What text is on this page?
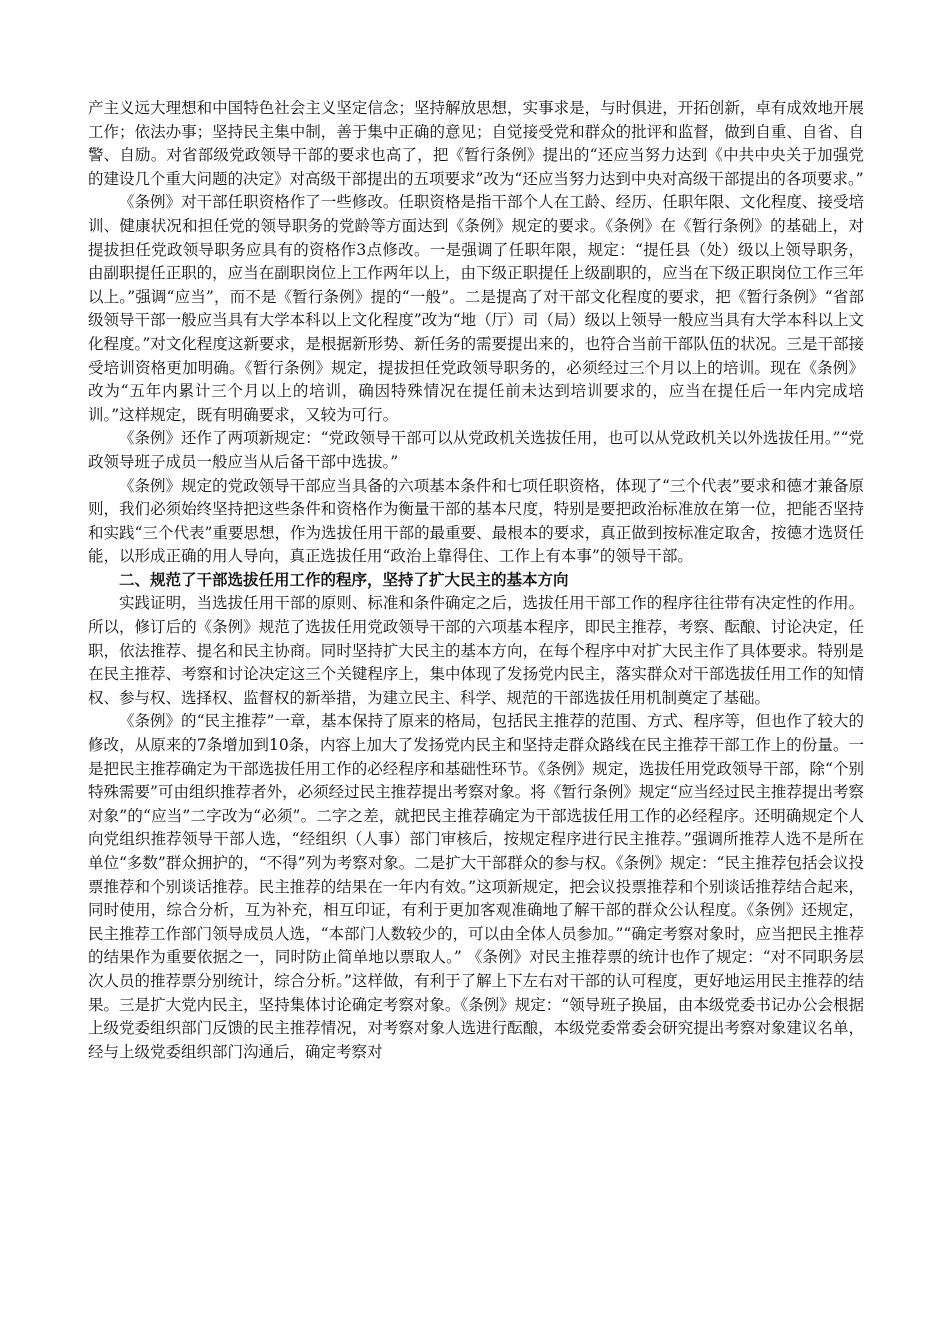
产主义远大理想和中国特色社会主义坚定信念；坚持解放思想，实事求是，与时俱进，开拓创新，卓有成效地开展工作；依法办事；坚持民主集中制，善于集中正确的意见；自觉接受党和群众的批评和监督，做到自重、自省、自警、自励。对省部级党政领导干部的要求也高了，把《暂行条例》提出的“还应当努力达到《中共中央关于加强党的建设几个重大问题的决定》对高级干部提出的五项要求”改为“还应当努力达到中央对高级干部提出的各项要求。”

《条例》对干部任职资格作了一些修改。任职资格是指干部个人在工龄、经历、任职年限、文化程度、接受培训、健康状况和担任党的领导职务的党龄等方面达到《条例》规定的要求。《条例》在《暂行条例》的基础上，对提拔担任党政领导职务应具有的资格作3点修改。一是强调了任职年限，规定：“提任县（处）级以上领导职务，由副职提任正职的，应当在副职岗位上工作两年以上，由下级正职提任上级副职的，应当在下级正职岗位工作三年以上。”强调“应当”，而不是《暂行条例》提的“一般”。二是提高了对干部文化程度的要求，把《暂行条例》“省部级领导干部一般应当具有大学本科以上文化程度”改为“地（厅）司（局）级以上领导一般应当具有大学本科以上文化程度。”对文化程度这新要求，是根据新形势、新任务的需要提出来的，也符合当前干部队伍的状况。三是干部接受培训资格更加明确。《暂行条例》规定，提拔担任党政领导职务的，必须经过三个月以上的培训。现在《条例》改为“五年内累计三个月以上的培训，确因特殊情况在提任前未达到培训要求的，应当在提任后一年内完成培训。”这样规定，既有明确要求，又较为可行。

《条例》还作了两项新规定：“党政领导干部可以从党政机关选拔任用，也可以从党政机关以外选拔任用。”“党政领导班子成员一般应当从后备干部中选拔。”

《条例》规定的党政领导干部应当具备的六项基本条件和七项任职资格，体现了“三个代表”要求和德才兼备原则，我们必须始终坚持把这些条件和资格作为衡量干部的基本尺度，特别是要把政治标准放在第一位，把能否坚持和实践“三个代表”重要思想，作为选拔任用干部的最重要、最根本的要求，真正做到按标准定取舍，按德才选贤任能，以形成正确的用人导向，真正选拔任用“政治上靠得住、工作上有本事”的领导干部。

二、规范了干部选拔任用工作的程序，坚持了扩大民主的基本方向

实践证明，当选拔任用干部的原则、标准和条件确定之后，选拔任用干部工作的程序往往带有决定性的作用。所以，修订后的《条例》规范了选拔任用党政领导干部的六项基本程序，即民主推荐，考察、酝酿、讨论决定，任职，依法推荐、提名和民主协商。同时坚持扩大民主的基本方向，在每个程序中对扩大民主作了具体要求。特别是在民主推荐、考察和讨论决定这三个关键程序上，集中体现了发扬党内民主，落实群众对干部选拔任用工作的知情权、参与权、选择权、监督权的新举措，为建立民主、科学、规范的干部选拔任用机制奠定了基础。

《条例》的“民主推荐”一章，基本保持了原来的格局，包括民主推荐的范围、方式、程序等，但也作了较大的修改，从原来的7条增加到10条，内容上加大了发扬党内民主和坚持走群众路线在民主推荐干部工作上的份量。一是把民主推荐确定为干部选拔任用工作的必经程序和基础性环节。《条例》规定，选拔任用党政领导干部，除“个别特殊需要”可由组织推荐者外，必须经过民主推荐提出考察对象。将《暂行条例》规定“应当经过民主推荐提出考察对象”的“应当”二字改为“必须”。二字之差，就把民主推荐确定为干部选拔任用工作的必经程序。还明确规定个人向党组织推荐领导干部人选，“经组织（人事）部门审核后，按规定程序进行民主推荐。”强调所推荐人选不是所在单位“多数”群众拥护的，“不得”列为考察对象。二是扩大干部群众的参与权。《条例》规定：“民主推荐包括会议投票推荐和个别谈话推荐。民主推荐的结果在一年内有效。”这项新规定，把会议投票推荐和个别谈话推荐结合起来，同时使用，综合分析，互为补充，相互印证，有利于更加客观准确地了解干部的群众公认程度。《条例》还规定，民主推荐工作部门领导成员人选，“本部门人数较少的，可以由全体人员参加。”“确定考察对象时，应当把民主推荐的结果作为重要依据之一，同时防止简单地以票取人。” 《条例》对民主推荐票的统计也作了规定：“对不同职务层次人员的推荐票分别统计，综合分析。”这样做，有利于了解上下左右对干部的认可程度，更好地运用民主推荐的结果。三是扩大党内民主，坚持集体讨论确定考察对象。《条例》规定：“领导班子换届，由本级党委书记办公会根据上级党委组织部门反馈的民主推荐情况，对考察对象人选进行酝酿，本级党委常委会研究提出考察对象建议名单，经与上级党委组织部门沟通后，确定考察对
